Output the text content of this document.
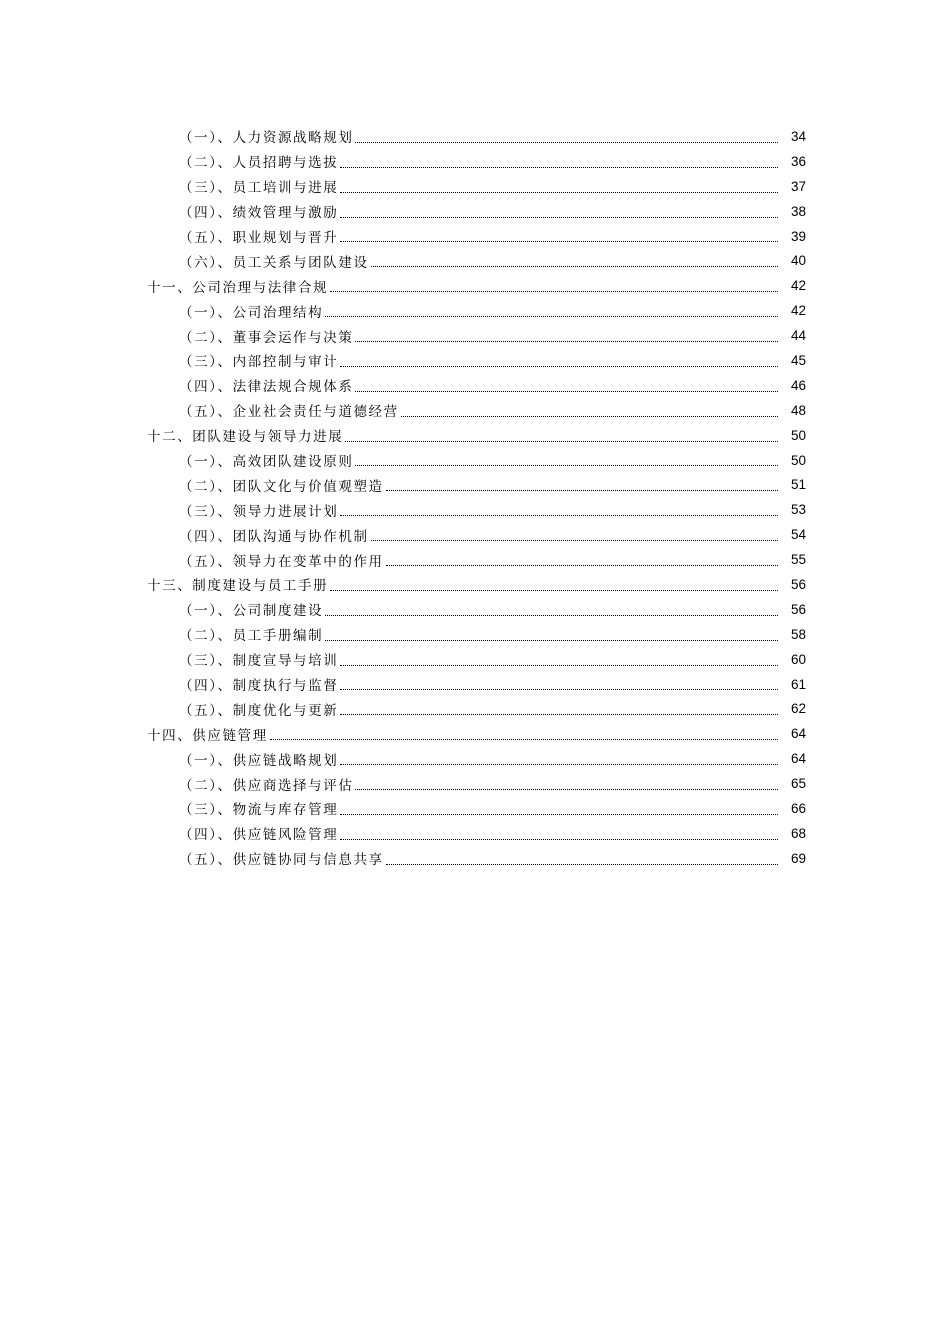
（一）、人力资源战略规划	34
（二）、人员招聘与选拔	36
（三）、员工培训与进展	37
（四）、绩效管理与激励	38
（五）、职业规划与晋升	39
（六）、员工关系与团队建设	40
十一、公司治理与法律合规	42
（一）、公司治理结构	42
（二）、董事会运作与决策	44
（三）、内部控制与审计	45
（四）、法律法规合规体系	46
（五）、企业社会责任与道德经营	48
十二、团队建设与领导力进展	50
（一）、高效团队建设原则	50
（二）、团队文化与价值观塑造	51
（三）、领导力进展计划	53
（四）、团队沟通与协作机制	54
（五）、领导力在变革中的作用	55
十三、制度建设与员工手册	56
（一）、公司制度建设	56
（二）、员工手册编制	58
（三）、制度宣导与培训	60
（四）、制度执行与监督	61
（五）、制度优化与更新	62
十四、供应链管理	64
（一）、供应链战略规划	64
（二）、供应商选择与评估	65
（三）、物流与库存管理	66
（四）、供应链风险管理	68
（五）、供应链协同与信息共享	69
